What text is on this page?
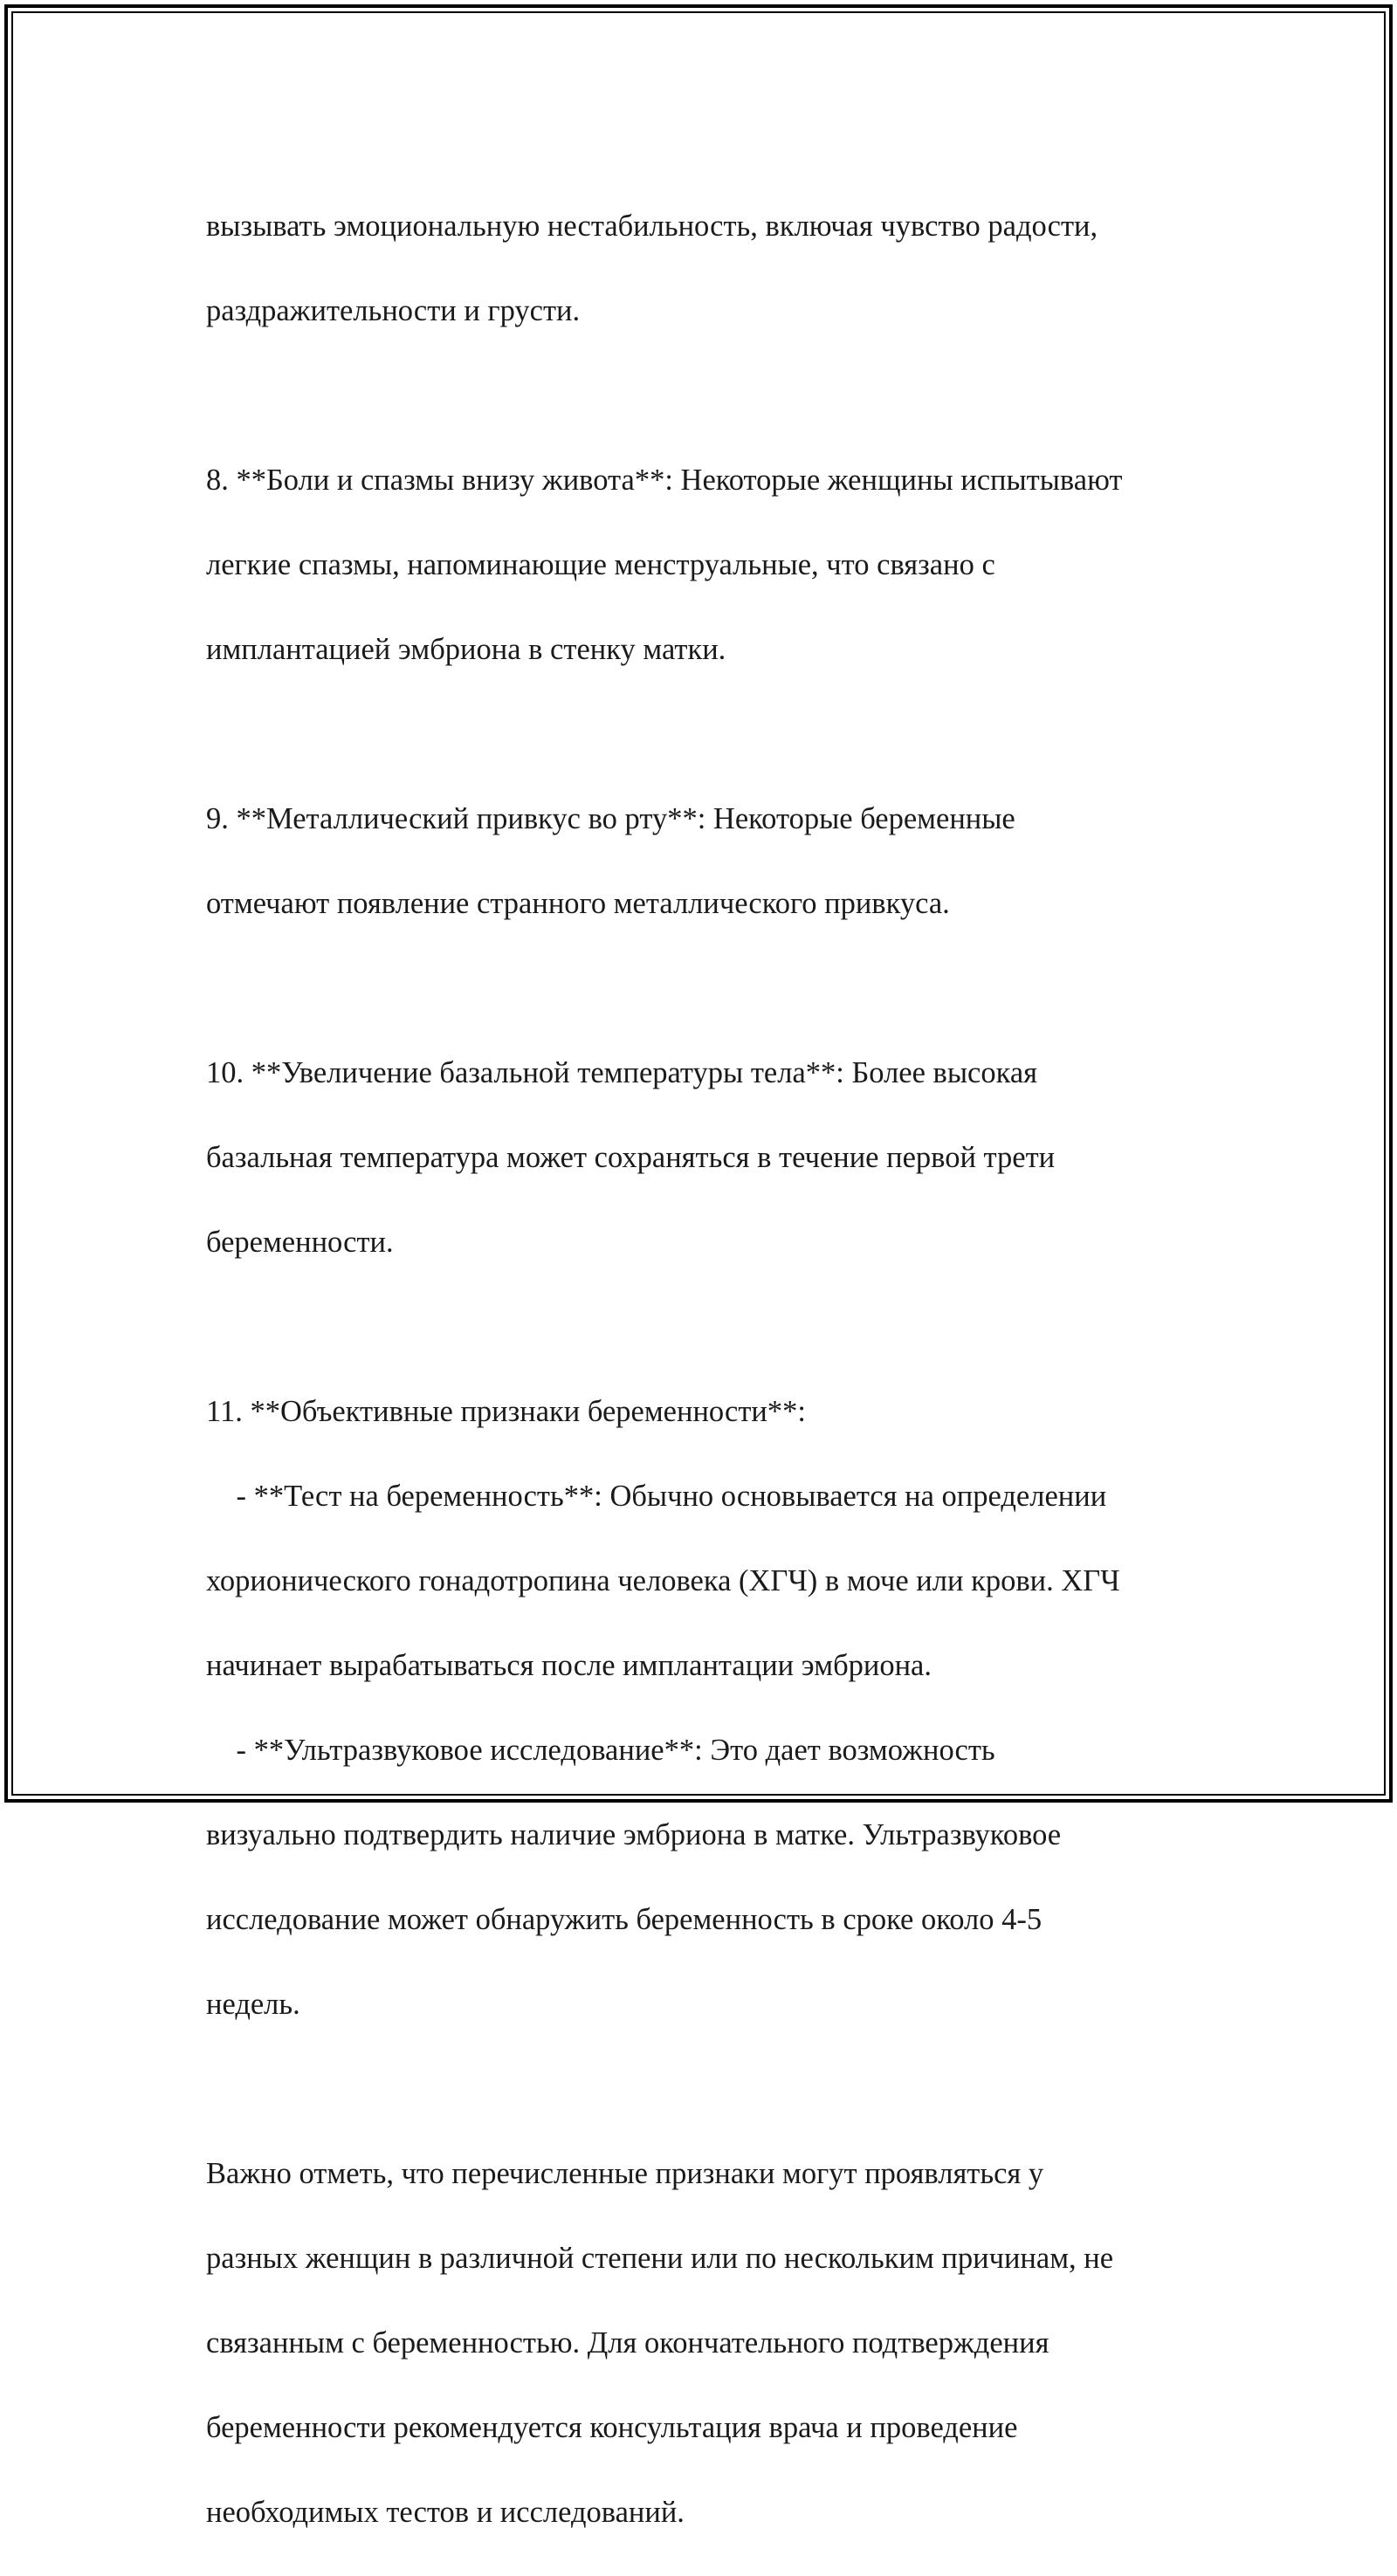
вызывать эмоциональную нестабильность, включая чувство радости,

раздражительности и грусти.

8. **Боли и спазмы внизу живота**: Некоторые женщины испытывают

легкие спазмы, напоминающие менструальные, что связано с

имплантацией эмбриона в стенку матки.

9. **Металлический привкус во рту**: Некоторые беременные

отмечают появление странного металлического привкуса.

10. **Увеличение базальной температуры тела**: Более высокая

базальная температура может сохраняться в течение первой трети

беременности.

11. **Объективные признаки беременности**:

- **Тест на беременность**: Обычно основывается на определении

хорионического гонадотропина человека (ХГЧ) в моче или крови. ХГЧ

начинает вырабатываться после имплантации эмбриона.

- **Ультразвуковое исследование**: Это дает возможность

визуально подтвердить наличие эмбриона в матке. Ультразвуковое

исследование может обнаружить беременность в сроке около 4-5

недель.

Важно отметь, что перечисленные признаки могут проявляться у

разных женщин в различной степени или по нескольким причинам, не

связанным с беременностью. Для окончательного подтверждения

беременности рекомендуется консультация врача и проведение

необходимых тестов и исследований.
